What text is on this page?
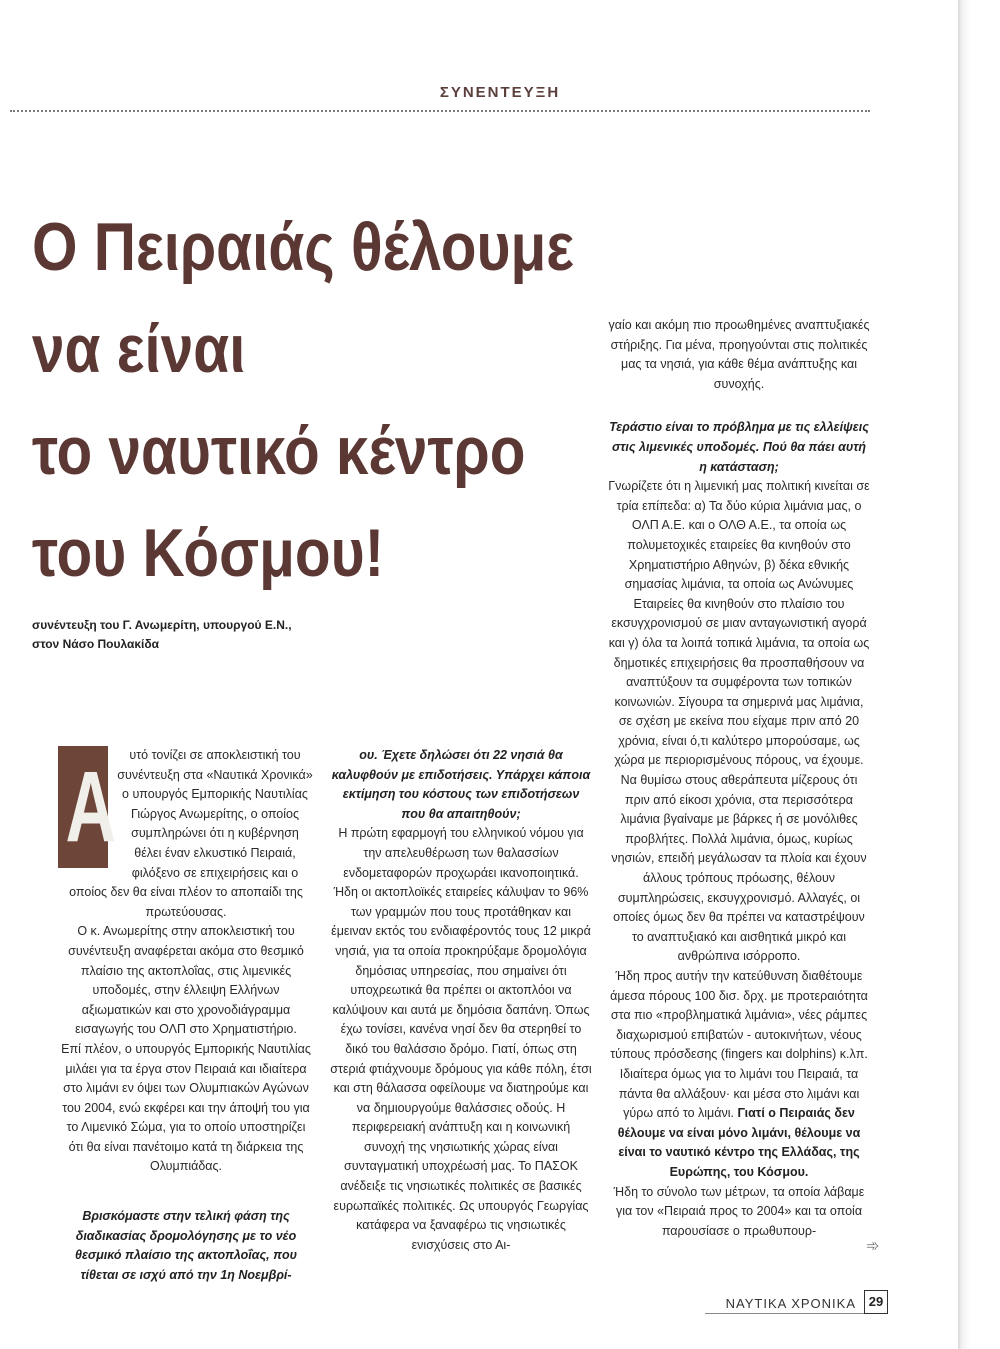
ΣΥΝΕΝΤΕΥΞΗ
Ο Πειραιάς θέλουμε
να είναι
το ναυτικό κέντρο
του Κόσμου!
συνέντευξη του Γ. Ανωμερίτη, υπουργού Ε.Ν.,
στον Νάσο Πουλακίδα
Α	υτό τονίζει σε αποκλειστική του συνέντευξη στα «Ναυτικά Χρονικά» ο υπουργός Εμπορικής Ναυτιλίας Γιώργος Ανωμερίτης, ο οποίος συμπληρώνει ότι η κυβέρνηση θέλει έναν ελκυστικό Πειραιά, φιλόξενο σε επιχειρήσεις και ο οποίος δεν θα είναι πλέον το αποπαίδι της πρωτεύουσας.

Ο κ. Ανωμερίτης στην αποκλειστική του συνέντευξη αναφέρεται ακόμα στο θεσμικό πλαίσιο της ακτοπλοΐας, στις λιμενικές υποδομές, στην έλλειψη Ελλήνων αξιωματικών και στο χρονοδιάγραμμα εισαγωγής του ΟΛΠ στο Χρηματιστήριο.

Επί πλέον, ο υπουργός Εμπορικής Ναυτιλίας μιλάει για τα έργα στον Πειραιά και ιδιαίτερα στο λιμάνι εν όψει των Ολυμπιακών Αγώνων του 2004, ενώ εκφέρει και την άποψή του για το Λιμενικό Σώμα, για το οποίο υποστηρίζει ότι θα είναι πανέτοιμο κατά τη διάρκεια της Ολυμπιάδας.

Βρισκόμαστε στην τελική φάση της διαδικασίας δρομολόγησης με το νέο θεσμικό πλαίσιο της ακτοπλοΐας, που τίθεται σε ισχύ από την 1η Νοεμβρί-

ου. Έχετε δηλώσει ότι 22 νησιά θα καλυφθούν με επιδοτήσεις. Υπάρχει κάποια εκτίμηση του κόστους των επιδοτήσεων που θα απαιτηθούν;

Η πρώτη εφαρμογή του ελληνικού νόμου για την απελευθέρωση των θαλασσίων ενδομεταφορών προχωράει ικανοποιητικά. Ήδη οι ακτοπλοϊκές εταιρείες κάλυψαν το 96% των γραμμών που τους προτάθηκαν και έμειναν εκτός του ενδιαφέροντός τους 12 μικρά νησιά, για τα οποία προκηρύξαμε δρομολόγια δημόσιας υπηρεσίας, που σημαίνει ότι υποχρεωτικά θα πρέπει οι ακτοπλόοι να καλύψουν και αυτά με δημόσια δαπάνη. Όπως έχω τονίσει, κανένα νησί δεν θα στερηθεί το δικό του θαλάσσιο δρόμο. Γιατί, όπως στη στεριά φτιάχνουμε δρόμους για κάθε πόλη, έτσι και στη θάλασσα οφείλουμε να διατηρούμε και να δημιουργούμε θαλάσσιες οδούς. Η περιφερειακή ανάπτυξη και η κοινωνική συνοχή της νησιωτικής χώρας είναι συνταγματική υποχρέωσή μας. Το ΠΑΣΟΚ ανέδειξε τις νησιωτικές πολιτικές σε βασικές ευρωπαϊκές πολιτικές. Ως υπουργός Γεωργίας κατάφερα να ξαναφέρω τις νησιωτικές ενισχύσεις στο Αι-

γαίο και ακόμη πιο προωθημένες αναπτυξιακές στήριξης. Για μένα, προηγούνται στις πολιτικές μας τα νησιά, για κάθε θέμα ανάπτυξης και συνοχής.

Τεράστιο είναι το πρόβλημα με τις ελλείψεις στις λιμενικές υποδομές. Πού θα πάει αυτή η κατάσταση;

Γνωρίζετε ότι η λιμενική μας πολιτική κινείται σε τρία επίπεδα: α) Τα δύο κύρια λιμάνια μας, ο ΟΛΠ Α.Ε. και ο ΟΛΘ Α.Ε., τα οποία ως πολυμετοχικές εταιρείες θα κινηθούν στο Χρηματιστήριο Αθηνών, β) δέκα εθνικής σημασίας λιμάνια, τα οποία ως Ανώνυμες Εταιρείες θα κινηθούν στο πλαίσιο του εκσυγχρονισμού σε μιαν ανταγωνιστική αγορά και γ) όλα τα λοιπά τοπικά λιμάνια, τα οποία ως δημοτικές επιχειρήσεις θα προσπαθήσουν να αναπτύξουν τα συμφέροντα των τοπικών κοινωνιών. Σίγουρα τα σημερινά μας λιμάνια, σε σχέση με εκείνα που είχαμε πριν από 20 χρόνια, είναι ό,τι καλύτερο μπορούσαμε, ως χώρα με περιορισμένους πόρους, να έχουμε. Να θυμίσω στους αθεράπευτα μίζερους ότι πριν από είκοσι χρόνια, στα περισσότερα λιμάνια βγαίναμε με βάρκες ή σε μονόλιθες προβλήτες. Πολλά λιμάνια, όμως, κυρίως νησιών, επειδή μεγάλωσαν τα πλοία και έχουν άλλους τρόπους πρόωσης, θέλουν συμπληρώσεις, εκσυγχρονισμό. Αλλαγές, οι οποίες όμως δεν θα πρέπει να καταστρέψουν το αναπτυξιακό και αισθητικά μικρό και ανθρώπινα ισόρροπο.

Ήδη προς αυτήν την κατεύθυνση διαθέτουμε άμεσα πόρους 100 δισ. δρχ. με προτεραιότητα στα πιο «προβληματικά λιμάνια», νέες ράμπες διαχωρισμού επιβατών - αυτοκινήτων, νέους τύπους πρόσδεσης (fingers και dolphins) κ.λπ. Ιδιαίτερα όμως για το λιμάνι του Πειραιά, τα πάντα θα αλλάξουν· και μέσα στο λιμάνι και γύρω από το λιμάνι. Γιατί ο Πειραιάς δεν θέλουμε να είναι μόνο λιμάνι, θέλουμε να είναι το ναυτικό κέντρο της Ελλάδας, της Ευρώπης, του Κόσμου.

Ήδη το σύνολο των μέτρων, τα οποία λάβαμε για τον «Πειραιά προς το 2004» και τα οποία παρουσίασε ο πρωθυπουρ-

➾
ΝΑΥΤΙΚΑ ΧΡΟΝΙΚΑ 29
